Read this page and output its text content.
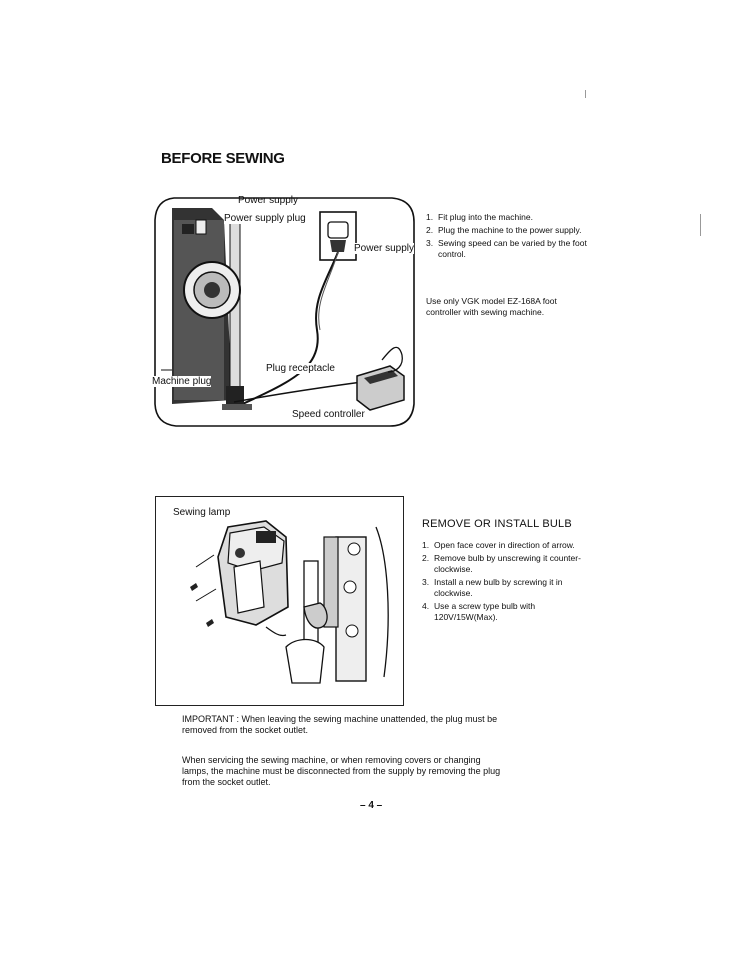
BEFORE SEWING
Power supply
Power supply plug
Power supply
Plug receptacle
Machine plug
Speed controller
1. Fit plug into the machine.
2. Plug the machine to the power supply.
3. Sewing speed can be varied by the foot control.
Use only VGK model EZ-168A foot controller with sewing machine.
Sewing lamp
REMOVE OR INSTALL BULB
1. Open face cover in direction of arrow.
2. Remove bulb by unscrewing it counter-clockwise.
3. Install a new bulb by screwing it in clockwise.
4. Use a screw type bulb with 120V/15W(Max).
IMPORTANT : When leaving the sewing machine unattended, the plug must be removed from the socket outlet.
When servicing the sewing machine, or when removing covers or changing lamps, the machine must be disconnected from the supply by removing the plug from the socket outlet.
– 4 –
